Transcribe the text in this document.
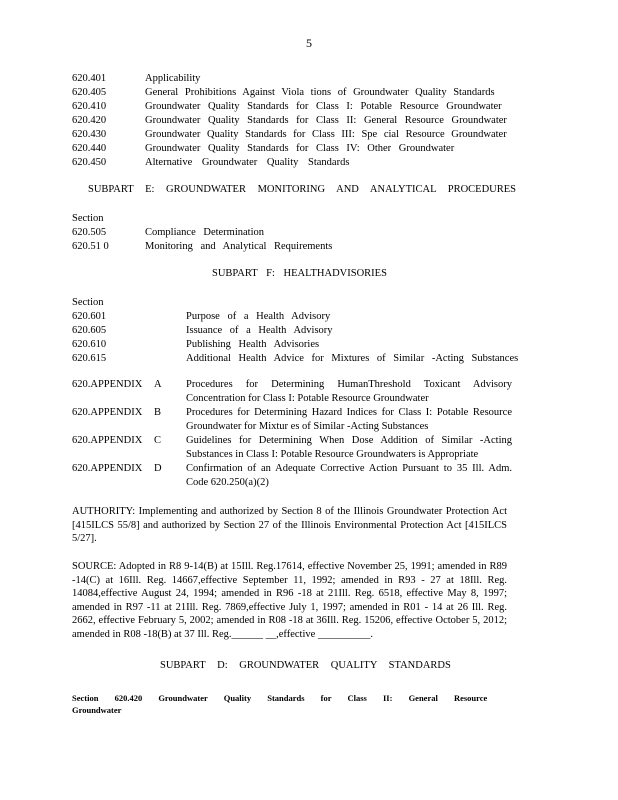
5
620.401	Applicability
620.405	General Prohibitions Against Viola tions of Groundwater Quality Standards
620.410	Groundwater Quality Standards for Class I: Potable Resource Groundwater
620.420	Groundwater Quality Standards for Class II: General Resource Groundwater
620.430	Groundwater Quality Standards for Class III: Spe cial Resource Groundwater
620.440	Groundwater Quality Standards for Class IV: Other Groundwater
620.450	Alternative Groundwater Quality Standards
SUBPART E: GROUNDWATER MONITORING AND ANALYTICAL PROCEDURES
Section
620.505	Compliance Determination
620.51 0	Monitoring and Analytical Requirements
SUBPART F: HEALTHADVISORIES
Section
620.601	Purpose of a Health Advisory
620.605	Issuance of a Health Advisory
620.610	Publishing Health Advisories
620.615	Additional Health Advice for Mixtures of Similar -Acting Substances
620.APPENDIX	A	Procedures for Determining HumanThreshold Toxicant Advisory Concentration for Class I: Potable Resource Groundwater
620.APPENDIX	B	Procedures for Determining Hazard Indices for Class I: Potable Resource Groundwater for Mixtur es of Similar -Acting Substances
620.APPENDIX	C	Guidelines for Determining When Dose Addition of Similar -Acting Substances in Class I: Potable Resource Groundwaters is Appropriate
620.APPENDIX	D	Confirmation of an Adequate Corrective Action Pursuant to 35 Ill. Adm. Code 620.250(a)(2)
AUTHORITY: Implementing and authorized by Section 8 of the Illinois Groundwater Protection Act [415ILCS 55/8] and authorized by Section 27 of the Illinois Environmental Protection Act [415ILCS 5/27].
SOURCE: Adopted in R8 9-14(B) at 15Ill. Reg.17614, effective November 25, 1991; amended in R89 -14(C) at 16Ill. Reg. 14667,effective September 11, 1992; amended in R93 - 27 at 18Ill. Reg. 14084,effective August 24, 1994; amended in R96 -18 at 21Ill. Reg. 6518, effective May 8, 1997; amended in R97 -11 at 21Ill. Reg. 7869,effective July 1, 1997; amended in R01 - 14 at 26 Ill. Reg. 2662, effective February 5, 2002; amended in R08 -18 at 36Ill. Reg. 15206, effective October 5, 2012; amended in R08 -18(B) at 37 Ill. Reg.______ __,effective __________.
SUBPART D: GROUNDWATER QUALITY STANDARDS
Section 620.420 Groundwater Quality Standards for Class II: General Resource Groundwater
